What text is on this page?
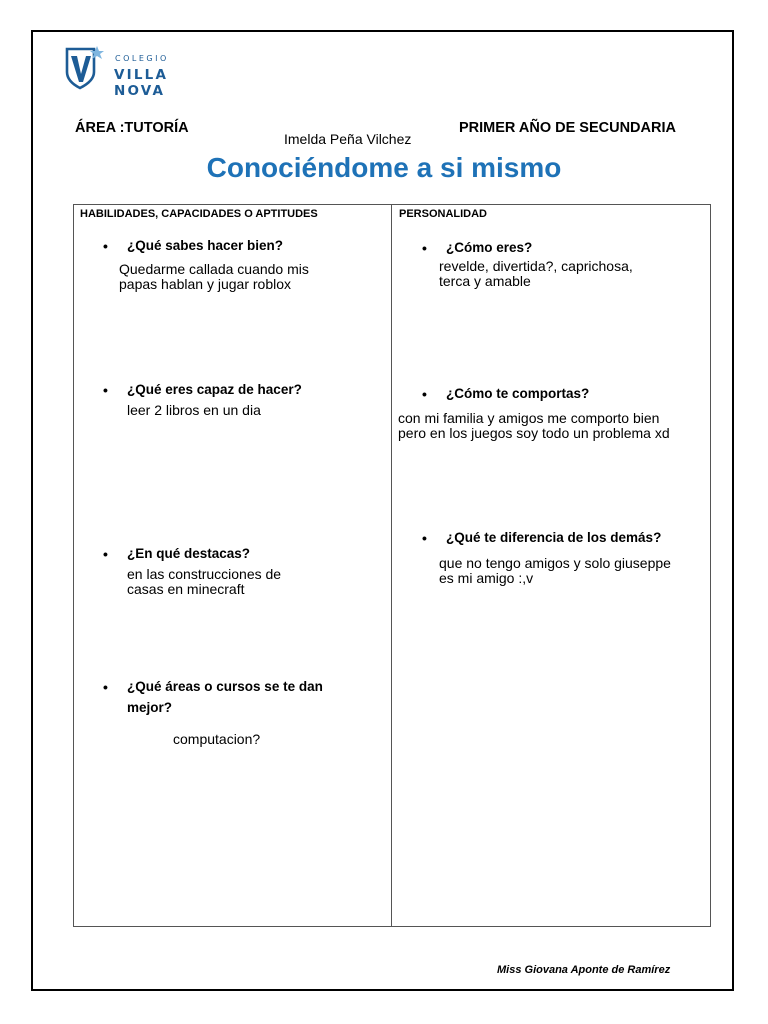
COLEGIO
VILLA NOVA
ÁREA :TUTORÍA	PRIMER AÑO DE SECUNDARIA
Imelda Peña Vilchez
Conociéndome a si mismo
HABILIDADES, CAPACIDADES O APTITUDES	PERSONALIDAD
• ¿Qué sabes hacer bien?
Quedarme callada cuando mis
papas hablan y jugar roblox
• ¿Qué eres capaz de hacer?
leer 2 libros en un dia
• ¿En qué destacas?
en las construcciones de
casas en minecraft
• ¿Qué áreas o cursos se te dan
mejor?
computacion?
• ¿Cómo eres?
revelde, divertida?, caprichosa,
terca y amable
• ¿Cómo te comportas?
con mi familia y amigos me comporto bien
pero en los juegos soy todo un problema xd
• ¿Qué te diferencia de los demás?
que no tengo amigos y solo giuseppe
es mi amigo :,v
Miss Giovana Aponte de Ramírez
